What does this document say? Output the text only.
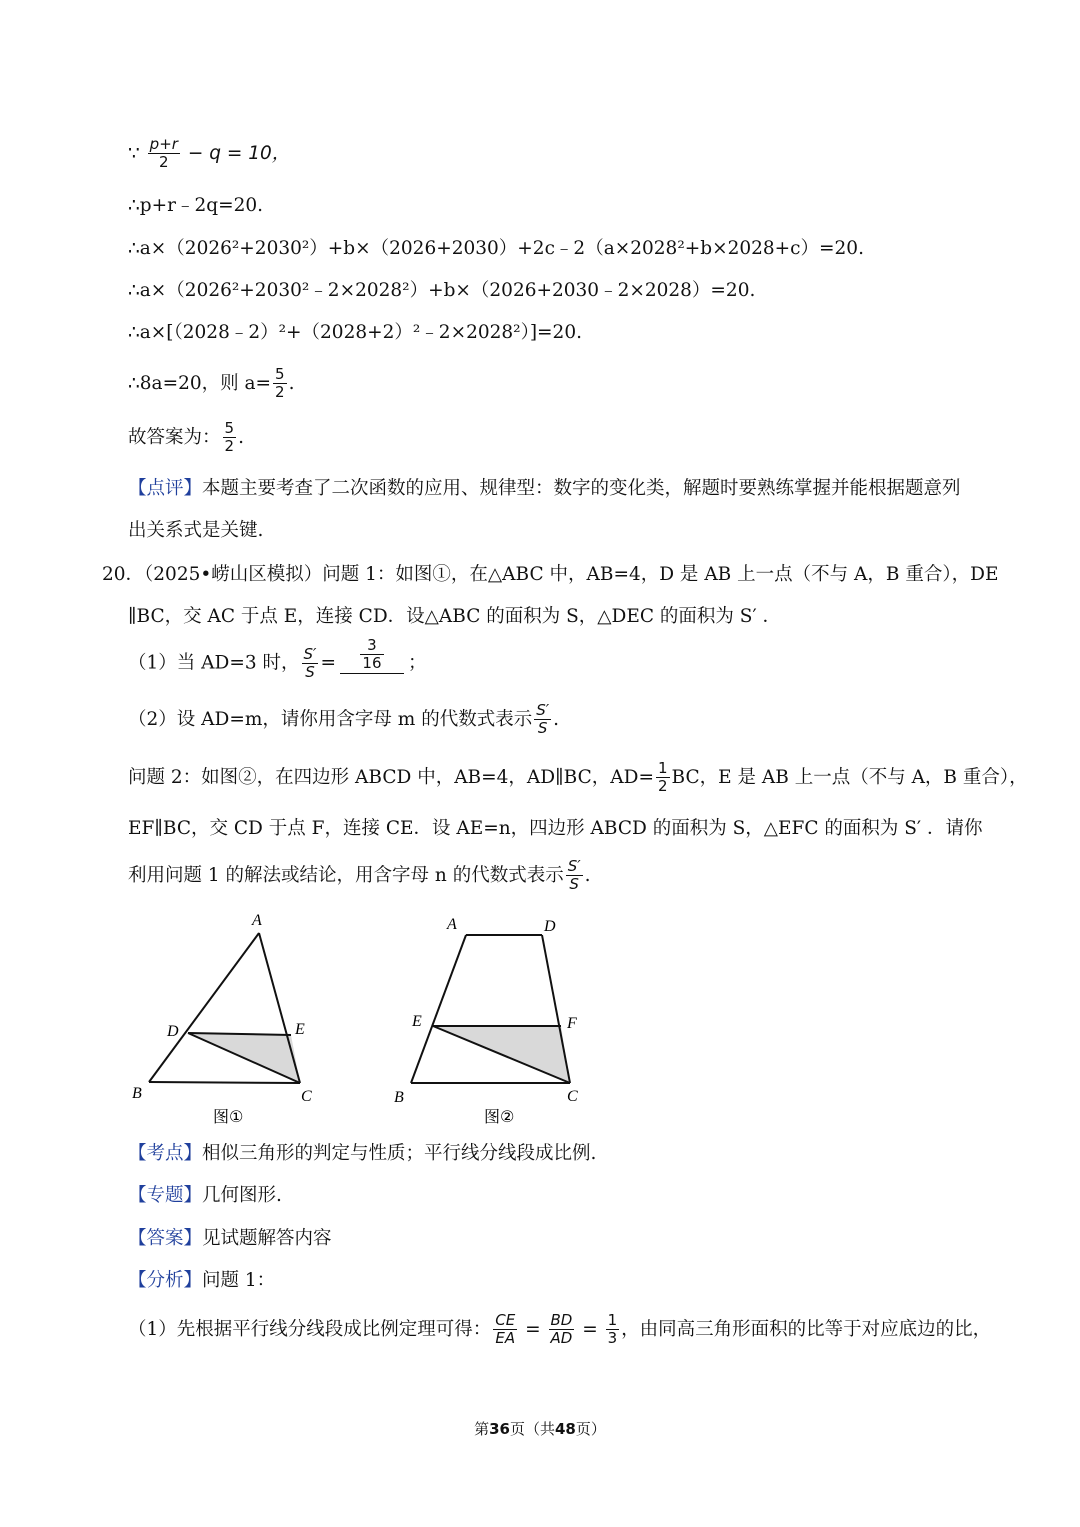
∵ $\frac{p+r}{2} - q = 10$，
∴p+r﹣2q=20.
∴a×（2026²+2030²）+b×（2026+2030）+2c﹣2（a×2028²+b×2028+c）=20.
∴a×（2026²+2030²﹣2×2028²）+b×（2026+2030﹣2×2028）=20.
∴a×[（2028﹣2）²+（2028+2）²﹣2×2028²）]=20.
∴8a=20，则 $a= \frac{5}{2}$ .
故答案为： $\frac{5}{2}$ .
【点评】本题主要考查了二次函数的应用、规律型：数字的变化类，解题时要熟练掌握并能根据题意列
出关系式是关键.
20．（2025•崂山区模拟）问题 1：如图①，在△ABC 中，AB=4，D 是 AB 上一点（不与 A，B 重合），DE
∥BC，交 AC 于点 E，连接 CD．设△ABC 的面积为 S，△DEC 的面积为 S′ ．
（1）当 AD=3 时， $\frac{S'}{S} = \frac{3}{16}$ ；
（2）设 AD=m，请你用含字母 m 的代数式表示 $\frac{S'}{S}$ .
问题 2：如图②，在四边形 ABCD 中，AB=4，AD∥BC，$AD= \frac{1}{2}$ BC，E 是 AB 上一点（不与 A，B 重合），
EF∥BC，交 CD 于点 F，连接 CE．设 AE=n，四边形 ABCD 的面积为 S，△EFC 的面积为 S′ ．请你
利用问题 1 的解法或结论，用含字母 n 的代数式表示 $\frac{S'}{S}$ .
A
D	E
B	C
图①
A	D
E	F
B	C
图②
【考点】相似三角形的判定与性质；平行线分线段成比例.
【专题】几何图形.
【答案】见试题解答内容
【分析】问题 1：
（1）先根据平行线分线段成比例定理可得： $\frac{CE}{EA} = \frac{BD}{AD} = \frac{1}{3}$ ，由同高三角形面积的比等于对应底边的比，
第36页（共48页）
